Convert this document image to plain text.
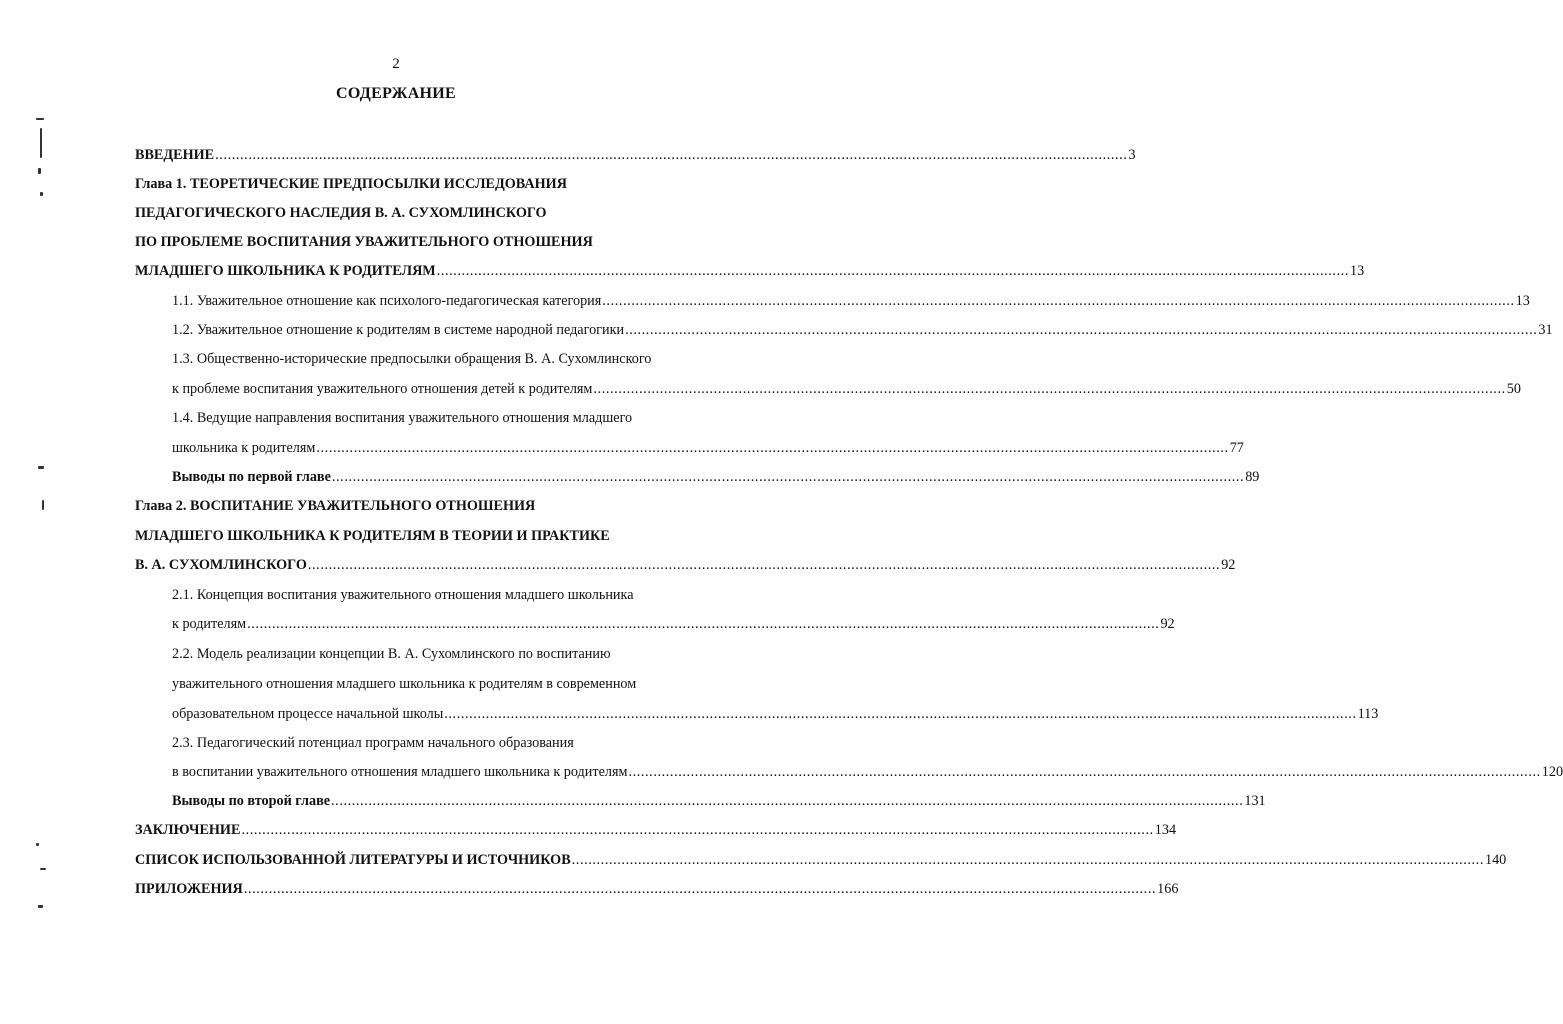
2
СОДЕРЖАНИЕ
ВВЕДЕНИЕ ............................................................................................................................................................................................................................ 3
Глава 1. ТЕОРЕТИЧЕСКИЕ ПРЕДПОСЫЛКИ ИССЛЕДОВАНИЯ
ПЕДАГОГИЧЕСКОГО НАСЛЕДИЯ В. А. СУХОМЛИНСКОГО
ПО ПРОБЛЕМЕ ВОСПИТАНИЯ УВАЖИТЕЛЬНОГО ОТНОШЕНИЯ
МЛАДШЕГО ШКОЛЬНИКА К РОДИТЕЛЯМ ............................................................................................................................................................................................................................ 13
1.1. Уважительное отношение как психолого-педагогическая категория ............................................................................................................................................................................................................................ 13
1.2. Уважительное отношение к родителям в системе народной педагогики ............................................................................................................................................................................................................................ 31
1.3. Общественно-исторические предпосылки обращения В. А. Сухомлинского
к проблеме воспитания уважительного отношения детей к родителям ............................................................................................................................................................................................................................ 50
1.4. Ведущие направления воспитания уважительного отношения младшего
школьника к родителям ............................................................................................................................................................................................................................ 77
Выводы по первой главе ............................................................................................................................................................................................................................ 89
Глава 2. ВОСПИТАНИЕ УВАЖИТЕЛЬНОГО ОТНОШЕНИЯ
МЛАДШЕГО ШКОЛЬНИКА К РОДИТЕЛЯМ В ТЕОРИИ И ПРАКТИКЕ
В. А. СУХОМЛИНСКОГО ............................................................................................................................................................................................................................ 92
2.1. Концепция воспитания уважительного отношения младшего школьника
к родителям ............................................................................................................................................................................................................................ 92
2.2. Модель реализации концепции В. А. Сухомлинского по воспитанию
уважительного отношения младшего школьника к родителям в современном
образовательном процессе начальной школы ............................................................................................................................................................................................................................ 113
2.3. Педагогический потенциал программ начального образования
в воспитании уважительного отношения младшего школьника к родителям ............................................................................................................................................................................................................................ 120
Выводы по второй главе ............................................................................................................................................................................................................................ 131
ЗАКЛЮЧЕНИЕ ............................................................................................................................................................................................................................ 134
СПИСОК ИСПОЛЬЗОВАННОЙ ЛИТЕРАТУРЫ И ИСТОЧНИКОВ ............................................................................................................................................................................................................................ 140
ПРИЛОЖЕНИЯ ............................................................................................................................................................................................................................ 166
